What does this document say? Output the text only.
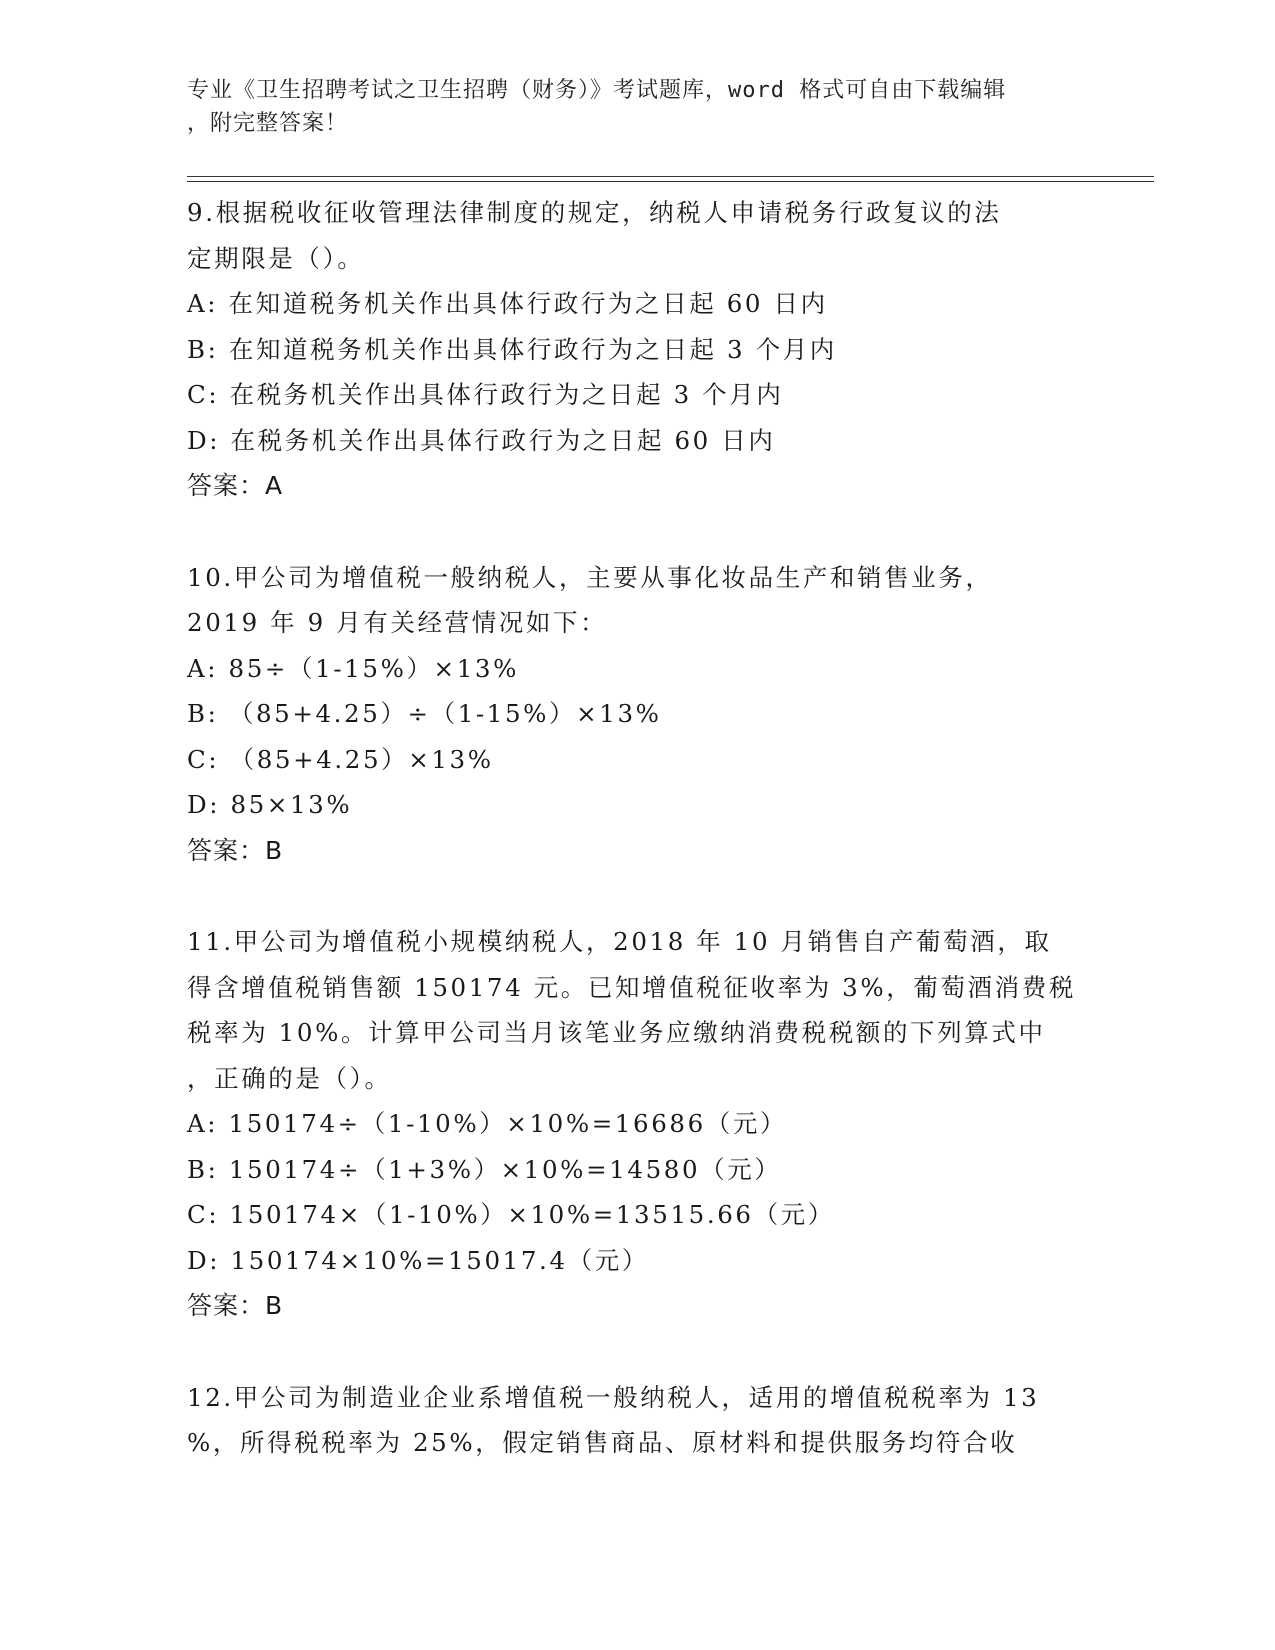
专业《卫生招聘考试之卫生招聘（财务）》考试题库，word 格式可自由下载编辑
，附完整答案！
9.根据税收征收管理法律制度的规定，纳税人申请税务行政复议的法
定期限是（）。
A: 在知道税务机关作出具体行政行为之日起 60 日内
B: 在知道税务机关作出具体行政行为之日起 3 个月内
C: 在税务机关作出具体行政行为之日起 3 个月内
D: 在税务机关作出具体行政行为之日起 60 日内
答案：A
10.甲公司为增值税一般纳税人，主要从事化妆品生产和销售业务，
2019 年 9 月有关经营情况如下：
A: 85÷（1-15%）×13%
B: （85+4.25）÷（1-15%）×13%
C: （85+4.25）×13%
D: 85×13%
答案：B
11.甲公司为增值税小规模纳税人，2018 年 10 月销售自产葡萄酒，取
得含增值税销售额 150174 元。已知增值税征收率为 3%，葡萄酒消费税
税率为 10%。计算甲公司当月该笔业务应缴纳消费税税额的下列算式中
，正确的是（）。
A: 150174÷（1-10%）×10%=16686（元）
B: 150174÷（1+3%）×10%=14580（元）
C: 150174×（1-10%）×10%=13515.66（元）
D: 150174×10%=15017.4（元）
答案：B
12.甲公司为制造业企业系增值税一般纳税人，适用的增值税税率为 13
%，所得税税率为 25%，假定销售商品、原材料和提供服务均符合收
